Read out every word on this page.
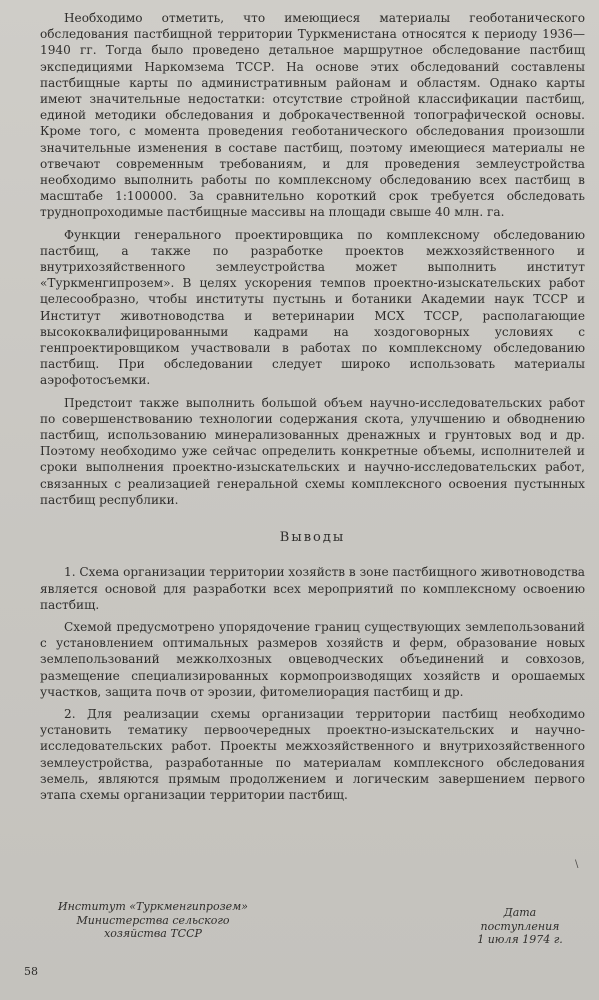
Необходимо отметить, что имеющиеся материалы геоботанического обследования пастбищной территории Туркменистана относятся к периоду 1936—1940 гг. Тогда было проведено детальное маршрутное обследование пастбищ экспедициями Наркомзема ТССР. На основе этих обследований составлены пастбищные карты по административным районам и областям. Однако карты имеют значительные недостатки: отсутствие стройной классификации пастбищ, единой методики обследования и доброкачественной топографической основы. Кроме того, с момента проведения геоботанического обследования произошли значительные изменения в составе пастбищ, поэтому имеющиеся материалы не отвечают современным требованиям, и для проведения землеустройства необходимо выполнить работы по комплексному обследованию всех пастбищ в масштабе 1:100000. За сравнительно короткий срок требуется обследовать труднопроходимые пастбищные массивы на площади свыше 40 млн. га.

Функции генерального проектировщика по комплексному обследованию пастбищ, а также по разработке проектов межхозяйственного и внутрихозяйственного землеустройства может выполнить институт «Туркменгипрозем». В целях ускорения темпов проектно-изыскательских работ целесообразно, чтобы институты пустынь и ботаники Академии наук ТССР и Институт животноводства и ветеринарии МСХ ТССР, располагающие высококвалифицированными кадрами на хоздоговорных условиях с генпроектировщиком участвовали в работах по комплексному обследованию пастбищ. При обследовании следует широко использовать материалы аэрофотосъемки.

Предстоит также выполнить большой объем научно-исследовательских работ по совершенствованию технологии содержания скота, улучшению и обводнению пастбищ, использованию минерализованных дренажных и грунтовых вод и др. Поэтому необходимо уже сейчас определить конкретные объемы, исполнителей и сроки выполнения проектно-изыскательских и научно-исследовательских работ, связанных с реализацией генеральной схемы комплексного освоения пустынных пастбищ республики.

Выводы

1. Схема организации территории хозяйств в зоне пастбищного животноводства является основой для разработки всех мероприятий по комплексному освоению пастбищ.

Схемой предусмотрено упорядочение границ существующих землепользований с установлением оптимальных размеров хозяйств и ферм, образование новых землепользований межколхозных овцеводческих объединений и совхозов, размещение специализированных кормопроизводящих хозяйств и орошаемых участков, защита почв от эрозии, фитомелиорация пастбищ и др.

2. Для реализации схемы организации территории пастбищ необходимо установить тематику первоочередных проектно-изыскательских и научно-исследовательских работ. Проекты межхозяйственного и внутрихозяйственного землеустройства, разработанные по материалам комплексного обследования земель, являются прямым продолжением и логическим завершением первого этапа схемы организации территории пастбищ.

\
Институт «Туркменгипрозем»
Министерства сельского
хозяйства ТССР
Дата поступления
1 июля 1974 г.
58
